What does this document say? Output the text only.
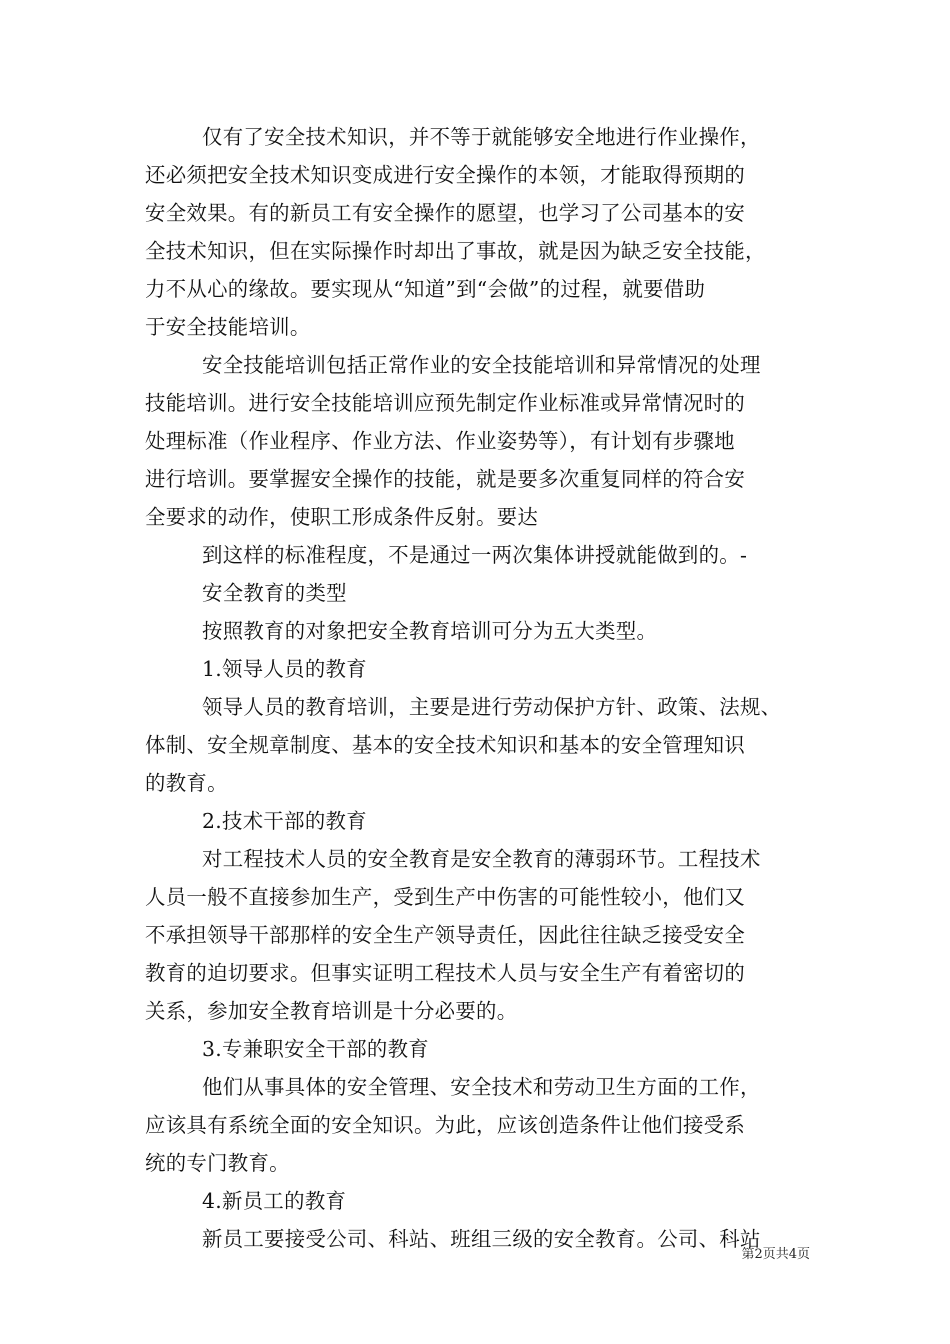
仅有了安全技术知识，并不等于就能够安全地进行作业操作，
还必须把安全技术知识变成进行安全操作的本领，才能取得预期的
安全效果。有的新员工有安全操作的愿望，也学习了公司基本的安
全技术知识，但在实际操作时却出了事故，就是因为缺乏安全技能，
力不从心的缘故。要实现从“知道”到“会做”的过程，就要借助
于安全技能培训。
安全技能培训包括正常作业的安全技能培训和异常情况的处理
技能培训。进行安全技能培训应预先制定作业标准或异常情况时的
处理标准（作业程序、作业方法、作业姿势等），有计划有步骤地
进行培训。要掌握安全操作的技能，就是要多次重复同样的符合安
全要求的动作，使职工形成条件反射。要达
到这样的标准程度，不是通过一两次集体讲授就能做到的。-
安全教育的类型
按照教育的对象把安全教育培训可分为五大类型。
1.领导人员的教育
领导人员的教育培训，主要是进行劳动保护方针、政策、法规、
体制、安全规章制度、基本的安全技术知识和基本的安全管理知识
的教育。
2.技术干部的教育
对工程技术人员的安全教育是安全教育的薄弱环节。工程技术
人员一般不直接参加生产，受到生产中伤害的可能性较小，他们又
不承担领导干部那样的安全生产领导责任，因此往往缺乏接受安全
教育的迫切要求。但事实证明工程技术人员与安全生产有着密切的
关系，参加安全教育培训是十分必要的。
3.专兼职安全干部的教育
他们从事具体的安全管理、安全技术和劳动卫生方面的工作，
应该具有系统全面的安全知识。为此，应该创造条件让他们接受系
统的专门教育。
4.新员工的教育
新员工要接受公司、科站、班组三级的安全教育。公司、科站
第2页共4页
